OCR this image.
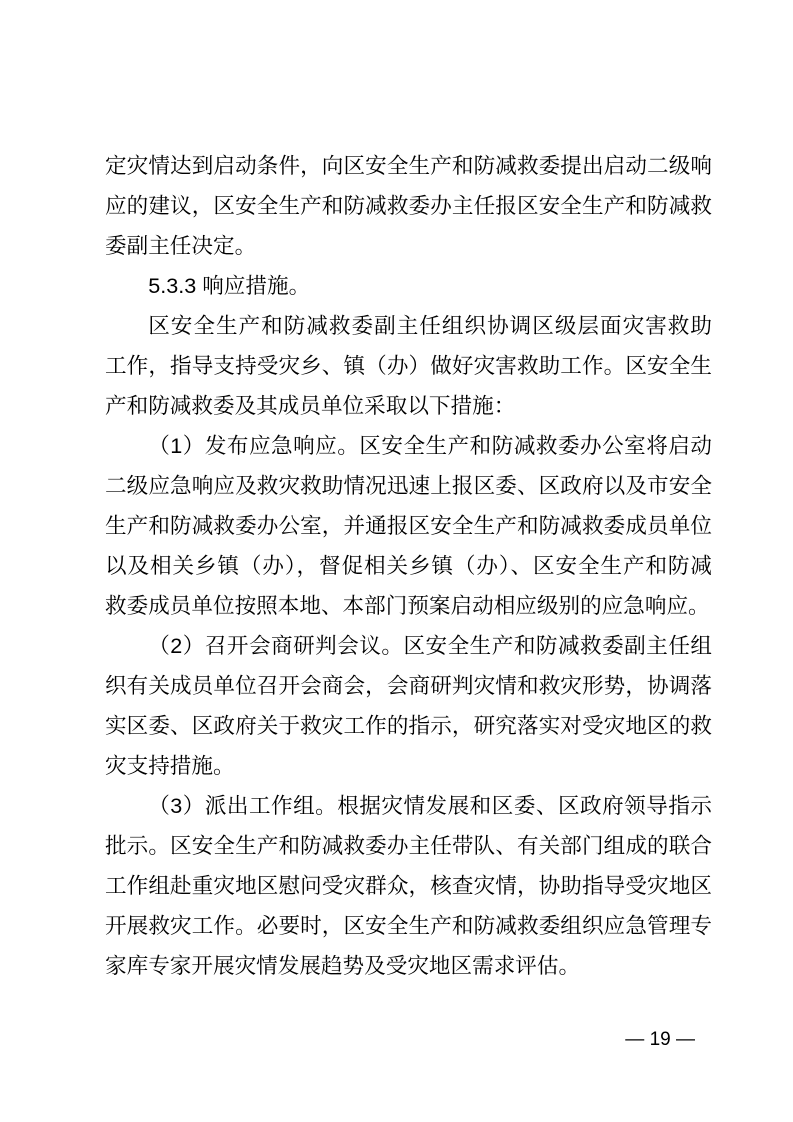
定灾情达到启动条件，向区安全生产和防减救委提出启动二级响
应的建议，区安全生产和防减救委办主任报区安全生产和防减救
委副主任决定。
5.3.3 响应措施。
区安全生产和防减救委副主任组织协调区级层面灾害救助
工作，指导支持受灾乡、镇（办）做好灾害救助工作。区安全生
产和防减救委及其成员单位采取以下措施：
（1）发布应急响应。区安全生产和防减救委办公室将启动
二级应急响应及救灾救助情况迅速上报区委、区政府以及市安全
生产和防减救委办公室，并通报区安全生产和防减救委成员单位
以及相关乡镇（办），督促相关乡镇（办）、区安全生产和防减
救委成员单位按照本地、本部门预案启动相应级别的应急响应。
（2）召开会商研判会议。区安全生产和防减救委副主任组
织有关成员单位召开会商会，会商研判灾情和救灾形势，协调落
实区委、区政府关于救灾工作的指示，研究落实对受灾地区的救
灾支持措施。
（3）派出工作组。根据灾情发展和区委、区政府领导指示
批示。区安全生产和防减救委办主任带队、有关部门组成的联合
工作组赴重灾地区慰问受灾群众，核查灾情，协助指导受灾地区
开展救灾工作。必要时，区安全生产和防减救委组织应急管理专
家库专家开展灾情发展趋势及受灾地区需求评估。
— 19 —
